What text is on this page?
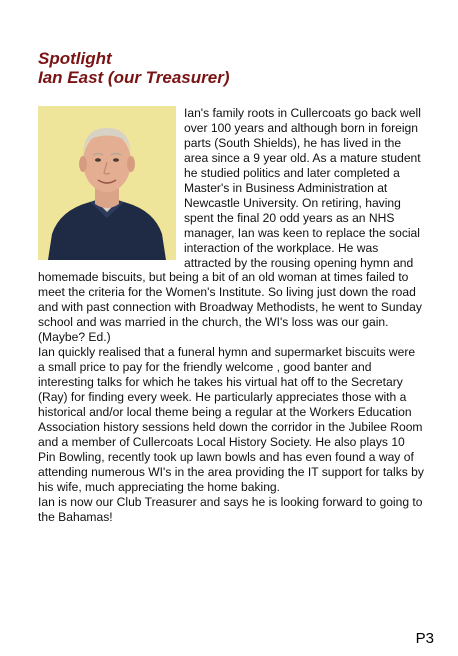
Spotlight
Ian East (our Treasurer)

Ian's family roots in Cullercoats go back well over 100 years and although born in foreign parts (South Shields), he has lived in the area since a 9 year old. As a mature student he studied politics and later completed a Master's in Business Administration at Newcastle University. On retiring, having spent the final 20 odd years as an NHS manager, Ian was keen to replace the social interaction of the workplace. He was attracted by the rousing opening hymn and homemade biscuits, but being a bit of an old woman at times failed to meet the criteria for the Women's Institute. So living just down the road and with past connection with Broadway Methodists, he went to Sunday school and was married in the church, the WI's loss was our gain. (Maybe? Ed.)

Ian quickly realised that a funeral hymn and supermarket biscuits were a small price to pay for the friendly welcome , good banter and interesting talks for which he takes his virtual hat off to the Secretary (Ray) for finding every week. He particularly appreciates those with a historical and/or local theme being a regular at the Workers Education Association history sessions held down the corridor in the Jubilee Room and a member of Cullercoats Local History Society. He also plays 10 Pin Bowling, recently took up lawn bowls and has even found a way of attending numerous WI's in the area providing the IT support for talks by his wife, much appreciating the home baking.

Ian is now our Club Treasurer and says he is looking forward to going to the Bahamas!

P3
